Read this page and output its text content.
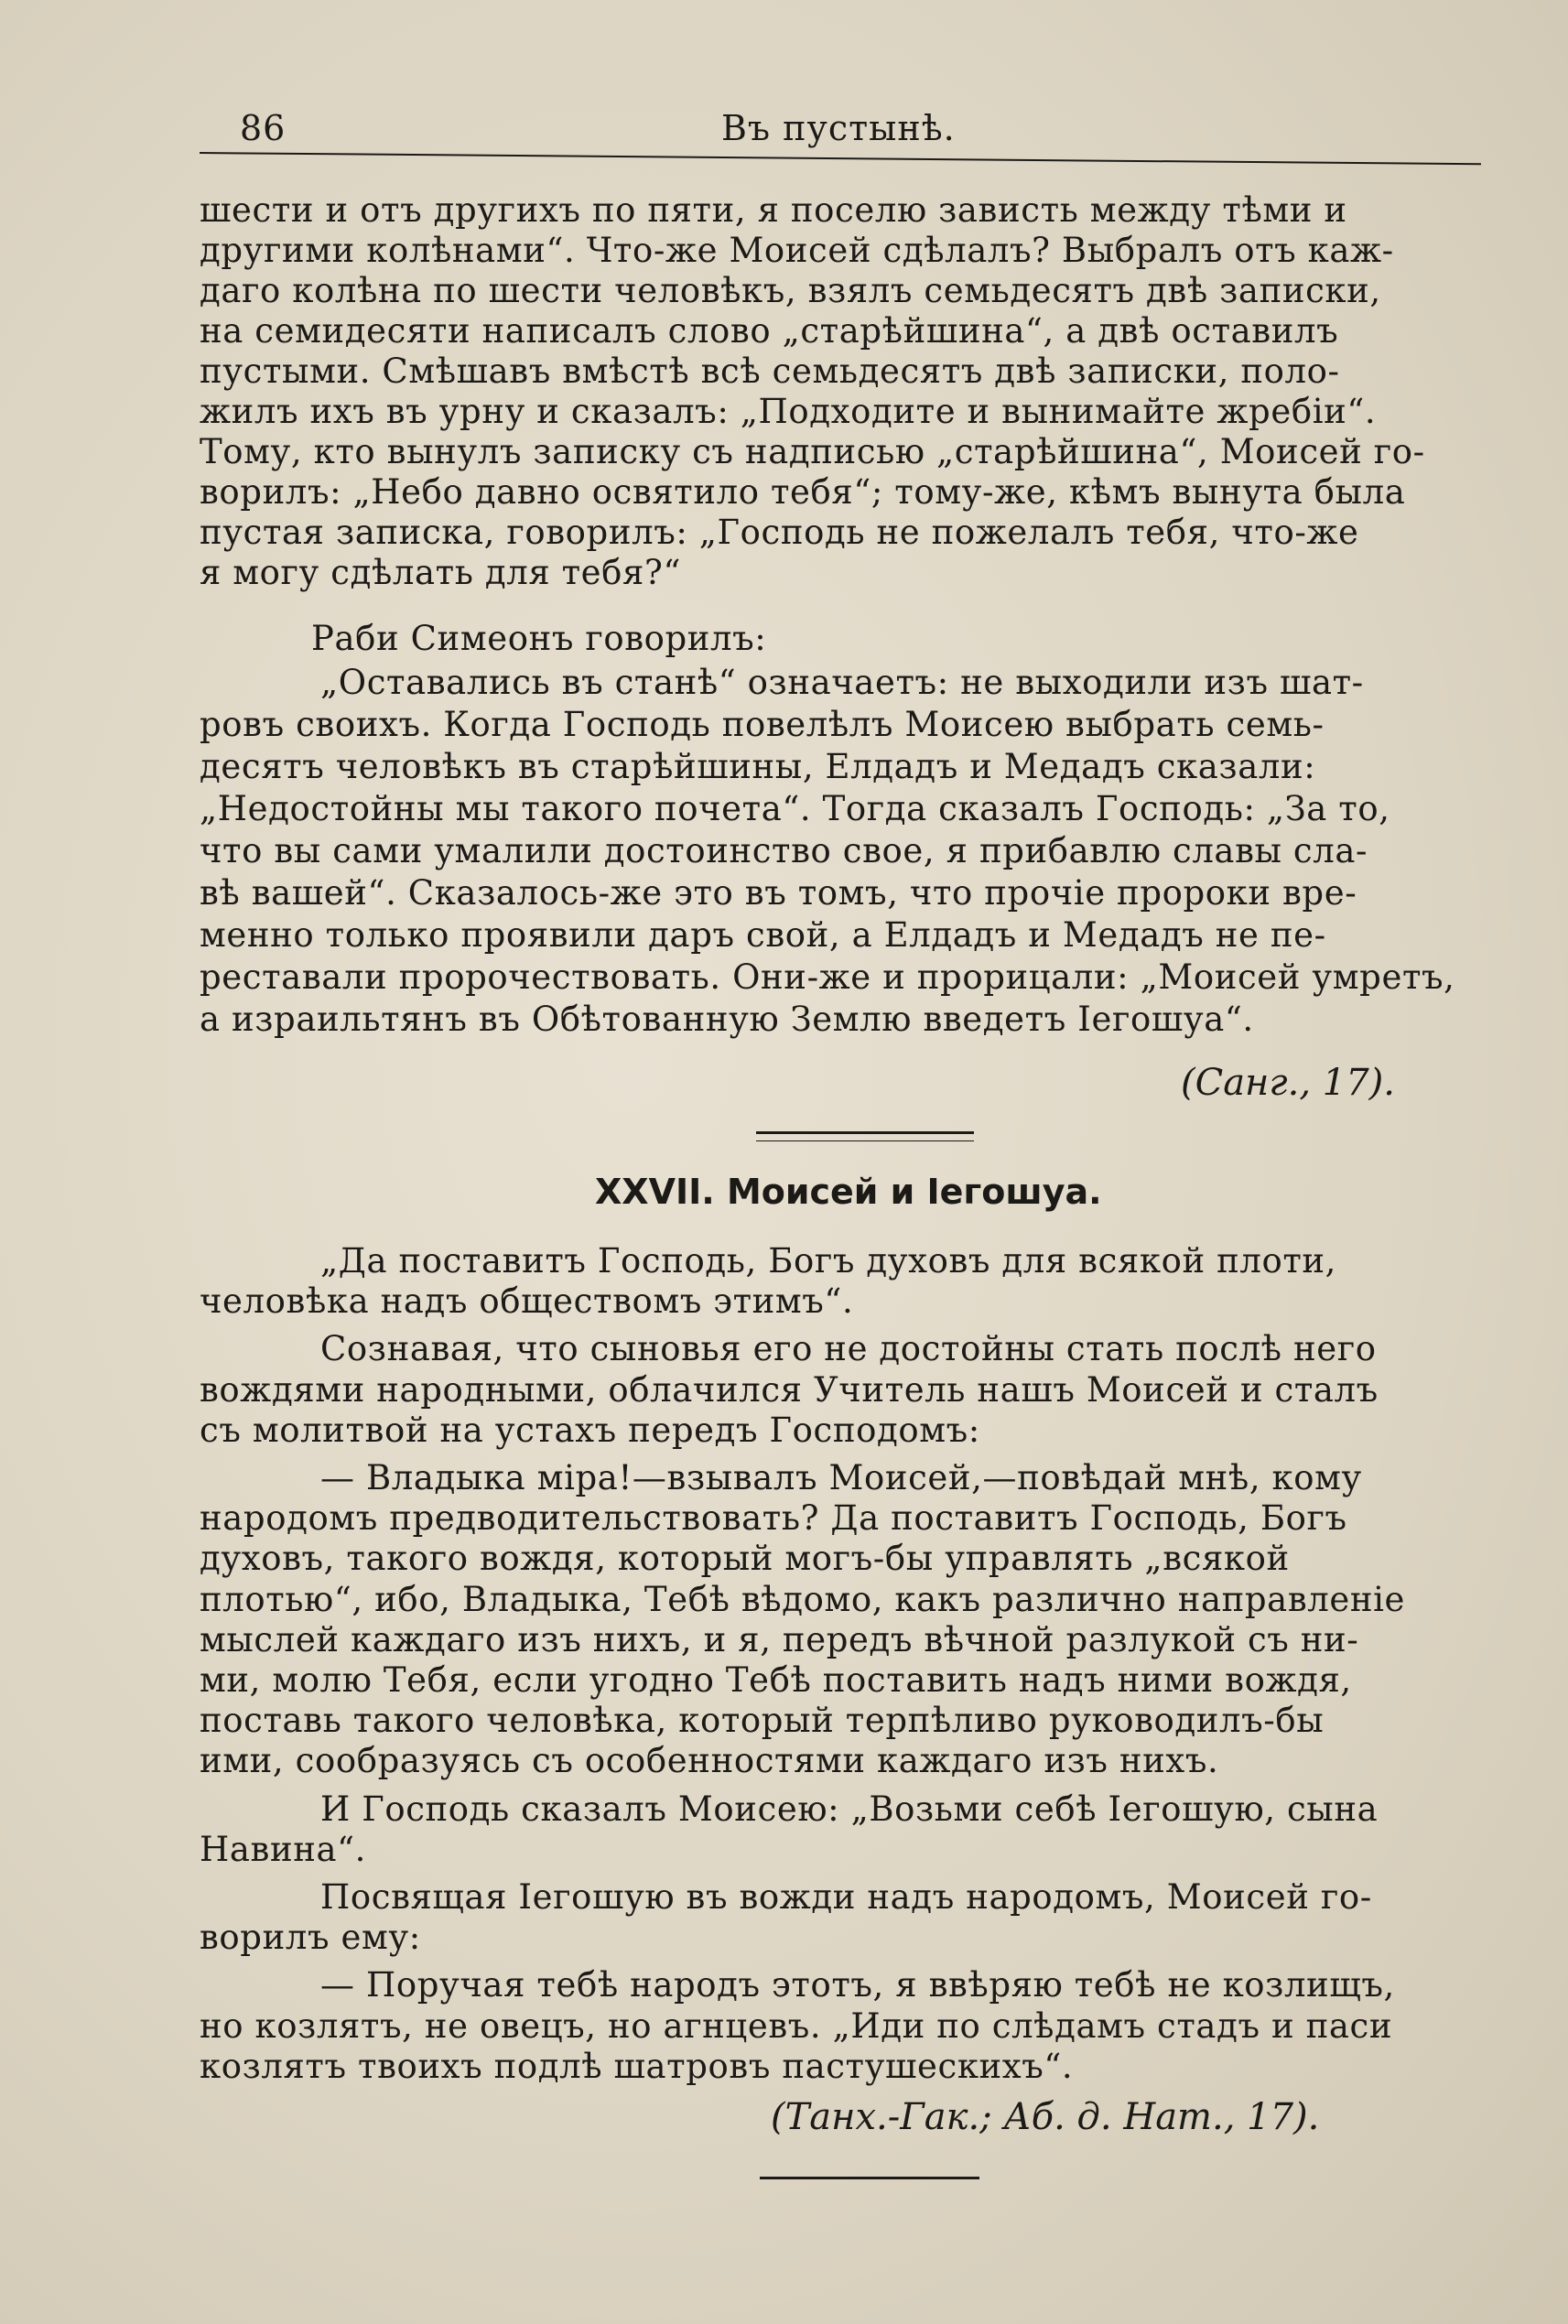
86	Въ пустынѣ.
шести и отъ другихъ по пяти, я поселю зависть между тѣми и
другими колѣнами“. Что-же Моисей сдѣлалъ? Выбралъ отъ каж-
даго колѣна по шести человѣкъ, взялъ семьдесятъ двѣ записки,
на семидесяти написалъ слово „старѣйшина“, а двѣ оставилъ
пустыми. Смѣшавъ вмѣстѣ всѣ семьдесятъ двѣ записки, поло-
жилъ ихъ въ урну и сказалъ: „Подходите и вынимайте жребіи“.
Тому, кто вынулъ записку съ надписью „старѣйшина“, Моисей го-
ворилъ: „Небо давно освятило тебя“; тому-же, кѣмъ вынута была
пустая записка, говорилъ: „Господь не пожелалъ тебя, что-же
я могу сдѣлать для тебя?“
Раби Симеонъ говорилъ:
„Оставались въ станѣ“ означаетъ: не выходили изъ шат-
ровъ своихъ. Когда Господь повелѣлъ Моисею выбрать семь-
десятъ человѣкъ въ старѣйшины, Елдадъ и Медадъ сказали:
„Недостойны мы такого почета“. Тогда сказалъ Господь: „За то,
что вы сами умалили достоинство свое, я прибавлю славы сла-
вѣ вашей“. Сказалось-же это въ томъ, что прочіе пророки вре-
менно только проявили даръ свой, а Елдадъ и Медадъ не пе-
реставали пророчествовать. Они-же и прорицали: „Моисей умретъ,
а израильтянъ въ Обѣтованную Землю введетъ Іегошуа“.
(Санг., 17).
XXVII. Моисей и Іегошуа.
„Да поставитъ Господь, Богъ духовъ для всякой плоти,
человѣка надъ обществомъ этимъ“.
Сознавая, что сыновья его не достойны стать послѣ него
вождями народными, облачился Учитель нашъ Моисей и сталъ
съ молитвой на устахъ передъ Господомъ:
— Владыка міра!—взывалъ Моисей,—повѣдай мнѣ, кому
народомъ предводительствовать? Да поставитъ Господь, Богъ
духовъ, такого вождя, который могъ-бы управлять „всякой
плотью“, ибо, Владыка, Тебѣ вѣдомо, какъ различно направленіе
мыслей каждаго изъ нихъ, и я, передъ вѣчной разлукой съ ни-
ми, молю Тебя, если угодно Тебѣ поставить надъ ними вождя,
поставь такого человѣка, который терпѣливо руководилъ-бы
ими, сообразуясь съ особенностями каждаго изъ нихъ.
И Господь сказалъ Моисею: „Возьми себѣ Іегошую, сына
Навина“.
Посвящая Іегошую въ вожди надъ народомъ, Моисей го-
ворилъ ему:
— Поручая тебѣ народъ этотъ, я ввѣряю тебѣ не козлищъ,
но козлятъ, не овецъ, но агнцевъ. „Иди по слѣдамъ стадъ и паси
козлятъ твоихъ подлѣ шатровъ пастушескихъ“.
(Танх.-Гак.; Аб. д. Нат., 17).
